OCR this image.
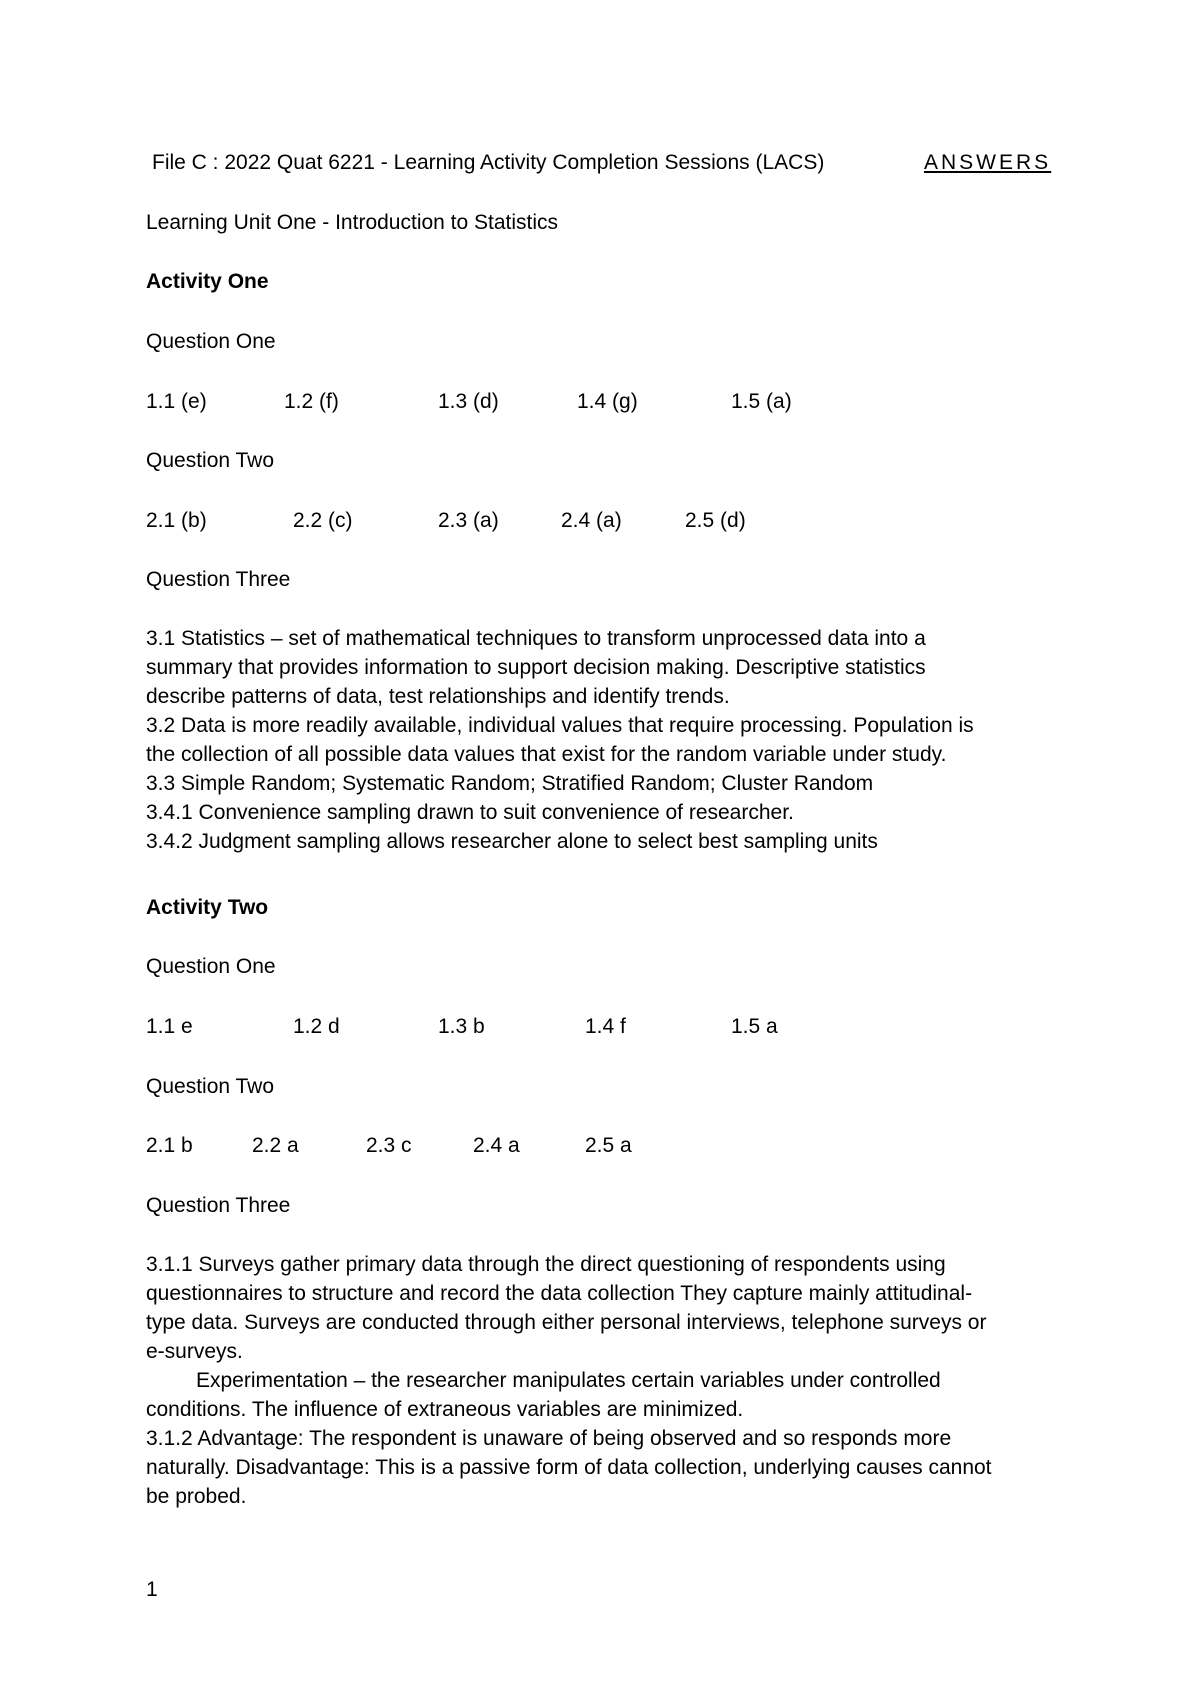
File C : 2022 Quat 6221 - Learning Activity Completion Sessions (LACS)	ANSWERS
Learning Unit One - Introduction to Statistics
Activity One
Question One
1.1 (e)	1.2 (f)	1.3 (d)	1.4 (g)	1.5 (a)
Question Two
2.1 (b)	2.2 (c)	2.3 (a)	2.4 (a)	2.5 (d)
Question Three
3.1 Statistics – set of mathematical techniques to transform unprocessed data into a
summary that provides information to support decision making. Descriptive statistics
describe patterns of data, test relationships and identify trends.
3.2 Data is more readily available, individual values that require processing. Population is
the collection of all possible data values that exist for the random variable under study.
3.3 Simple Random; Systematic Random; Stratified Random; Cluster Random
3.4.1 Convenience sampling drawn to suit convenience of researcher.
3.4.2 Judgment sampling allows researcher alone to select best sampling units
Activity Two
Question One
1.1 e	1.2 d	1.3 b	1.4 f	1.5 a
Question Two
2.1 b	2.2 a	2.3 c	2.4 a	2.5 a
Question Three
3.1.1 Surveys gather primary data through the direct questioning of respondents using
questionnaires to structure and record the data collection They capture mainly attitudinal-
type data. Surveys are conducted through either personal interviews, telephone surveys or
e-surveys.
Experimentation – the researcher manipulates certain variables under controlled
conditions. The influence of extraneous variables are minimized.
3.1.2 Advantage: The respondent is unaware of being observed and so responds more
naturally. Disadvantage: This is a passive form of data collection, underlying causes cannot
be probed.
1
